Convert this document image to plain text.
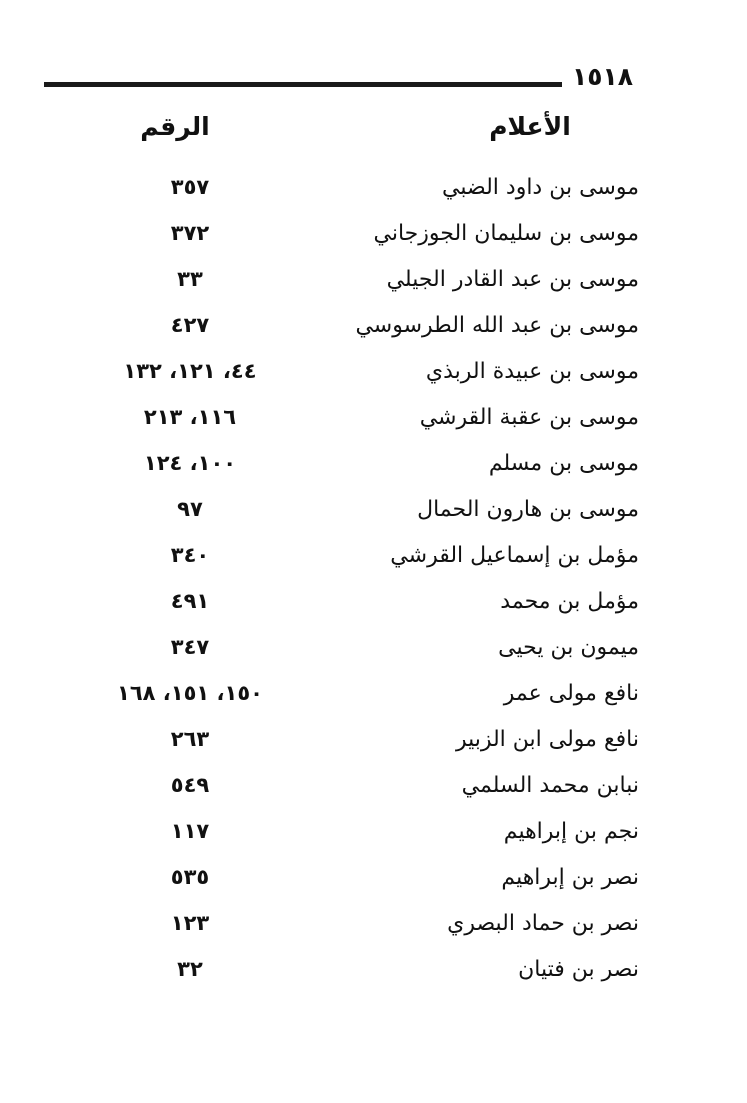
١٥١٨
الأعلام
الرقم
موسى بن داود الضبي
٣٥٧
موسى بن سليمان الجوزجاني
٣٧٢
موسى بن عبد القادر الجيلي
٣٣
موسى بن عبد الله الطرسوسي
٤٢٧
موسى بن عبيدة الربذي
٤٤، ١٢١، ١٣٢
موسى بن عقبة القرشي
١١٦، ٢١٣
موسى بن مسلم
١٠٠، ١٢٤
موسى بن هارون الحمال
٩٧
مؤمل بن إسماعيل القرشي
٣٤٠
مؤمل بن محمد
٤٩١
ميمون بن يحيى
٣٤٧
نافع مولى عمر
١٥٠، ١٥١، ١٦٨
نافع مولى ابن الزبير
٢٦٣
نبابن محمد السلمي
٥٤٩
نجم بن إبراهيم
١١٧
نصر بن إبراهيم
٥٣٥
نصر بن حماد البصري
١٢٣
نصر بن فتيان
٣٢
